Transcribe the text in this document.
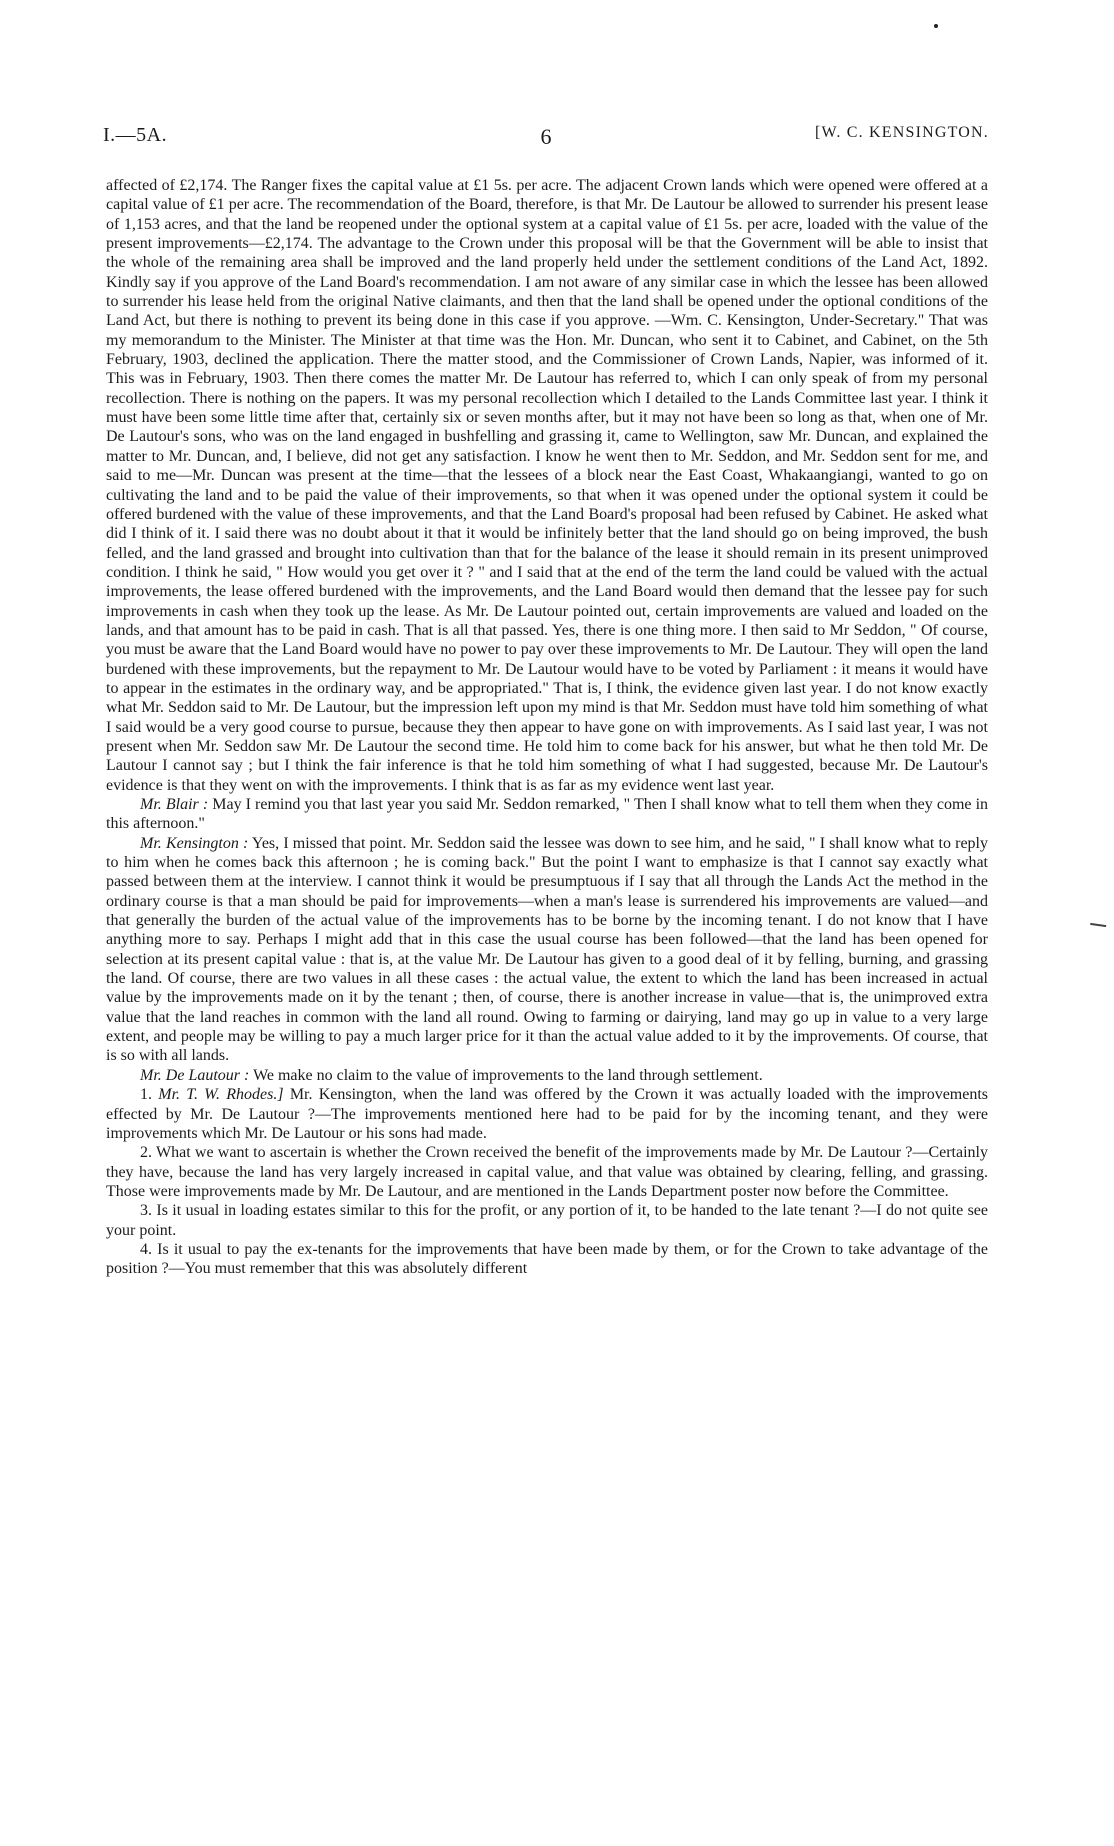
I.—5A.	6	[W. C. KENSINGTON.

affected of £2,174. The Ranger fixes the capital value at £1 5s. per acre. The adjacent Crown lands which were opened were offered at a capital value of £1 per acre. The recommendation of the Board, therefore, is that Mr. De Lautour be allowed to surrender his present lease of 1,153 acres, and that the land be reopened under the optional system at a capital value of £1 5s. per acre, loaded with the value of the present improvements—£2,174. The advantage to the Crown under this proposal will be that the Government will be able to insist that the whole of the remaining area shall be improved and the land properly held under the settlement conditions of the Land Act, 1892. Kindly say if you approve of the Land Board's recommendation. I am not aware of any similar case in which the lessee has been allowed to surrender his lease held from the original Native claimants, and then that the land shall be opened under the optional conditions of the Land Act, but there is nothing to prevent its being done in this case if you approve. —Wm. C. Kensington, Under-Secretary." That was my memorandum to the Minister. The Minister at that time was the Hon. Mr. Duncan, who sent it to Cabinet, and Cabinet, on the 5th February, 1903, declined the application. There the matter stood, and the Commissioner of Crown Lands, Napier, was informed of it. This was in February, 1903. Then there comes the matter Mr. De Lautour has referred to, which I can only speak of from my personal recollection. There is nothing on the papers. It was my personal recollection which I detailed to the Lands Committee last year. I think it must have been some little time after that, certainly six or seven months after, but it may not have been so long as that, when one of Mr. De Lautour's sons, who was on the land engaged in bushfelling and grassing it, came to Wellington, saw Mr. Duncan, and explained the matter to Mr. Duncan, and, I believe, did not get any satisfaction. I know he went then to Mr. Seddon, and Mr. Seddon sent for me, and said to me—Mr. Duncan was present at the time—that the lessees of a block near the East Coast, Whakaangiangi, wanted to go on cultivating the land and to be paid the value of their improvements, so that when it was opened under the optional system it could be offered burdened with the value of these improvements, and that the Land Board's proposal had been refused by Cabinet. He asked what did I think of it. I said there was no doubt about it that it would be infinitely better that the land should go on being improved, the bush felled, and the land grassed and brought into cultivation than that for the balance of the lease it should remain in its present unimproved condition. I think he said, " How would you get over it ? " and I said that at the end of the term the land could be valued with the actual improvements, the lease offered burdened with the improvements, and the Land Board would then demand that the lessee pay for such improvements in cash when they took up the lease. As Mr. De Lautour pointed out, certain improvements are valued and loaded on the lands, and that amount has to be paid in cash. That is all that passed. Yes, there is one thing more. I then said to Mr Seddon, " Of course, you must be aware that the Land Board would have no power to pay over these improvements to Mr. De Lautour. They will open the land burdened with these improvements, but the repayment to Mr. De Lautour would have to be voted by Parliament : it means it would have to appear in the estimates in the ordinary way, and be appropriated." That is, I think, the evidence given last year. I do not know exactly what Mr. Seddon said to Mr. De Lautour, but the impression left upon my mind is that Mr. Seddon must have told him something of what I said would be a very good course to pursue, because they then appear to have gone on with improvements. As I said last year, I was not present when Mr. Seddon saw Mr. De Lautour the second time. He told him to come back for his answer, but what he then told Mr. De Lautour I cannot say ; but I think the fair inference is that he told him something of what I had suggested, because Mr. De Lautour's evidence is that they went on with the improvements. I think that is as far as my evidence went last year.

Mr. Blair : May I remind you that last year you said Mr. Seddon remarked, " Then I shall know what to tell them when they come in this afternoon."

Mr. Kensington : Yes, I missed that point. Mr. Seddon said the lessee was down to see him, and he said, " I shall know what to reply to him when he comes back this afternoon ; he is coming back." But the point I want to emphasize is that I cannot say exactly what passed between them at the interview. I cannot think it would be presumptuous if I say that all through the Lands Act the method in the ordinary course is that a man should be paid for improvements—when a man's lease is surrendered his improvements are valued—and that generally the burden of the actual value of the improvements has to be borne by the incoming tenant. I do not know that I have anything more to say. Perhaps I might add that in this case the usual course has been followed—that the land has been opened for selection at its present capital value : that is, at the value Mr. De Lautour has given to a good deal of it by felling, burning, and grassing the land. Of course, there are two values in all these cases : the actual value, the extent to which the land has been increased in actual value by the improvements made on it by the tenant ; then, of course, there is another increase in value—that is, the unimproved extra value that the land reaches in common with the land all round. Owing to farming or dairying, land may go up in value to a very large extent, and people may be willing to pay a much larger price for it than the actual value added to it by the improvements. Of course, that is so with all lands.

Mr. De Lautour : We make no claim to the value of improvements to the land through settlement.

1. Mr. T. W. Rhodes.] Mr. Kensington, when the land was offered by the Crown it was actually loaded with the improvements effected by Mr. De Lautour ?—The improvements mentioned here had to be paid for by the incoming tenant, and they were improvements which Mr. De Lautour or his sons had made.

2. What we want to ascertain is whether the Crown received the benefit of the improvements made by Mr. De Lautour ?—Certainly they have, because the land has very largely increased in capital value, and that value was obtained by clearing, felling, and grassing. Those were improvements made by Mr. De Lautour, and are mentioned in the Lands Department poster now before the Committee.

3. Is it usual in loading estates similar to this for the profit, or any portion of it, to be handed to the late tenant ?—I do not quite see your point.

4. Is it usual to pay the ex-tenants for the improvements that have been made by them, or for the Crown to take advantage of the position ?—You must remember that this was absolutely different
